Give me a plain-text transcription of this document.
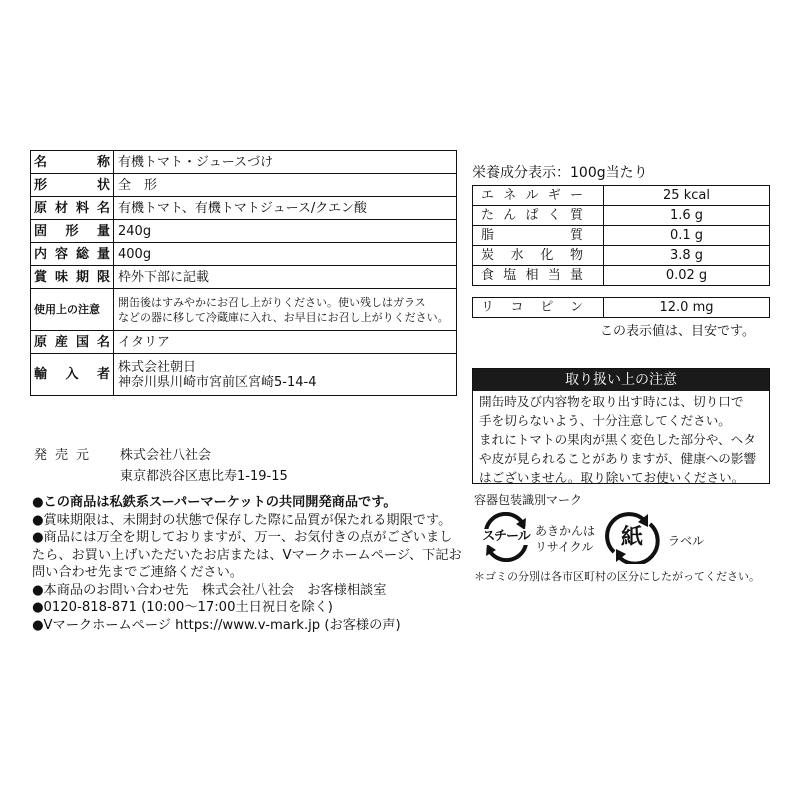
名　称	有機トマト・ジュースづけ

形　状	全　形

原材料名	有機トマト、有機トマトジュース/クエン酸

固形量	240g

内容総量	400g

賞味期限	枠外下部に記載

使用上の注意	開缶後はすみやかにお召し上がりください。使い残しはガラス
などの器に移して冷蔵庫に入れ、お早目にお召し上がりください。

原産国名	イタリア

輸入者	株式会社朝日
神奈川県川崎市宮前区宮崎5-14-4
発売元	株式会社八社会
東京都渋谷区恵比寿1-19-15

●この商品は私鉄系スーパーマーケットの共同開発商品です。

●賞味期限は、未開封の状態で保存した際に品質が保たれる期限です。

●商品には万全を期しておりますが、万一、お気付きの点がございましたら、お買い上げいただいたお店または、Vマークホームページ、下記お問い合わせ先までご連絡ください。

●本商品のお問い合わせ先　株式会社八社会　お客様相談室

●0120-818-871 (10:00～17:00土日祝日を除く)

●Vマークホームページ https://www.v-mark.jp (お客様の声)

栄養成分表示：100g当たり
エネルギー	25 kcal

たんぱく質	1.6 g

脂　質	0.1 g

炭水化物	3.8 g

食塩相当量	0.02 g
リコピン	12.0 mg
この表示値は、目安です。
取り扱い上の注意

開缶時及び内容物を取り出す時には、切り口で

手を切らないよう、十分注意してください。

まれにトマトの果肉が黒く変色した部分や、ヘタ

や皮が見られることがありますが、健康への影響

はございません。取り除いてお使いください。

容器包装識別マーク
スチール あきかんは
リサイクル	紙	ラベル
＊ゴミの分別は各市区町村の区分にしたがってください。
